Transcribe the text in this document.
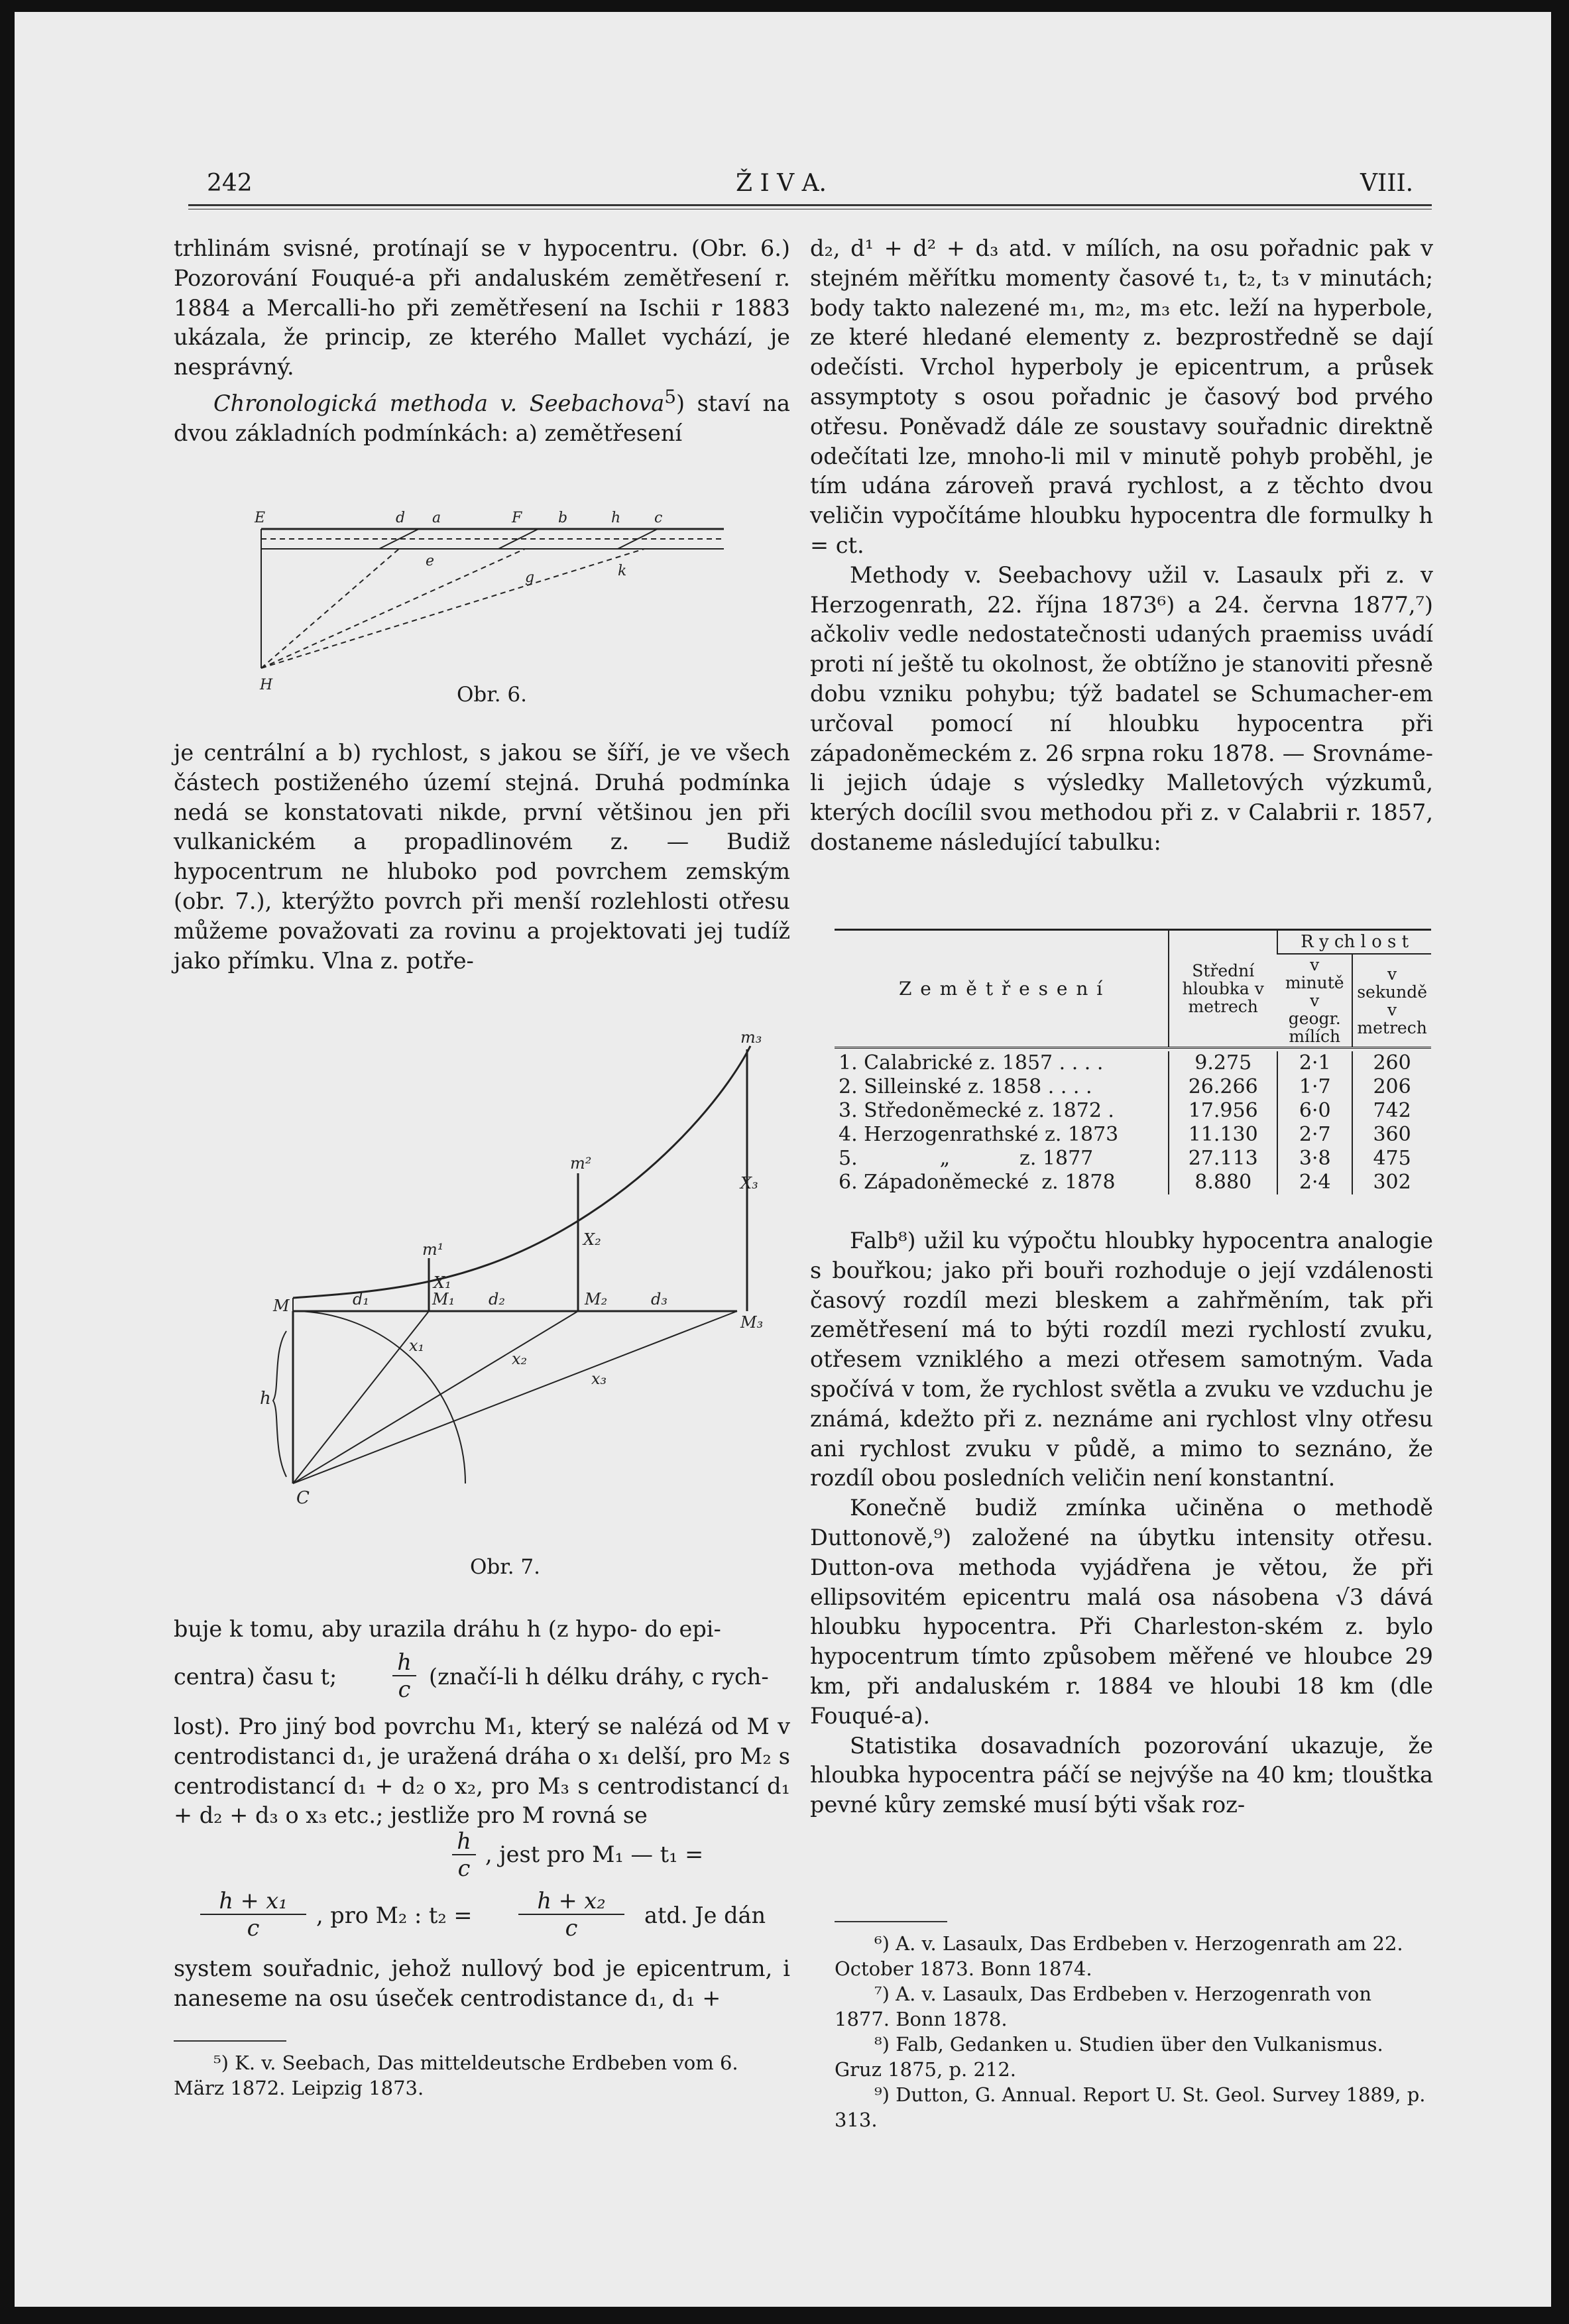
242	Ž I V A.	VIII.

trhlinám svisné, protínají se v hypocentru. (Obr. 6.) Pozorování Fouqué-a při andaluském zemětřesení r. 1884 a Mercalli-ho při zemětřesení na Ischii r 1883 ukázala, že princip, ze kterého Mallet vychází, je nesprávný.

Chronologická methoda v. Seebachova$^5$) staví na dvou základních podmínkách: a) zemětřesení

E	d a	F b	h c
e
g	k
H	Obr. 6.

je centrální a b) rychlost, s jakou se šíří, je ve všech částech postiženého území stejná. Druhá podmínka nedá se konstatovati nikde, první většinou jen při vulkanickém a propadlinovém z. — Budiž hypocentrum ne hluboko pod povrchem zemským (obr. 7.), kterýžto povrch při menší rozlehlosti otřesu můžeme považovati za rovinu a projektovati jej tudíž jako přímku. Vlna z. potře-

M	d₁	M₁ d₂	M₂	d₃
M₃
m¹
m²
m₃
x₁
x₂
x₃
X₁
X₂
X₃
h
C
Obr. 7.

buje k tomu, aby urazila dráhu h (z hypo- do epi-

centra) času t;	$\frac{h}{c}$ (značí-li h délku dráhy, c rych-

lost). Pro jiný bod povrchu M₁, který se nalézá od M v centrodistanci d₁, je uražená dráha o x₁ delší, pro M₂ s centrodistancí d₁ + d₂ o x₂, pro M₃ s centrodistancí d₁ + d₂ + d₃ o x₃ etc.; jestliže pro M rovná se

$\frac{h}{c}$ , jest pro M₁ — t₁ =
$\frac{\text{h + x₁}}{c}$ , pro M₂ : $t_2 = \frac{\text{h + x₂}}{c}$ atd. Je dán

system souřadnic, jehož nullový bod je epicentrum, i naneseme na osu úseček centrodistance d₁, d₁ +

⁵) K. v. Seebach, Das mitteldeutsche Erdbeben vom 6. März 1872. Leipzig 1873.

d₂, d¹ + d² + d₃ atd. v mílích, na osu pořadnic pak v stejném měřítku momenty časové t₁, t₂, t₃ v minutách; body takto nalezené m₁, m₂, m₃ etc. leží na hyperbole, ze které hledané elementy z. bezprostředně se dají odečísti. Vrchol hyperboly je epicentrum, a průsek assymptoty s osou pořadnic je časový bod prvého otřesu. Poněvadž dále ze soustavy souřadnic direktně odečítati lze, mnoho-li mil v minutě pohyb proběhl, je tím udána zároveň pravá rychlost, a z těchto dvou veličin vypočítáme hloubku hypocentra dle formulky h = ct.

Methody v. Seebachovy užil v. Lasaulx při z. v Herzogenrath, 22. října 1873⁶) a 24. června 1877,⁷) ačkoliv vedle nedostatečnosti udaných praemiss uvádí proti ní ještě tu okolnost, že obtížno je stanoviti přesně dobu vzniku pohybu; týž badatel se Schumacher-em určoval pomocí ní hloubku hypocentra při západoněmeckém z. 26 srpna roku 1878. — Srovnáme-li jejich údaje s výsledky Malletových výzkumů, kterých docílil svou methodou při z. v Calabrii r. 1857, dostaneme následující tabulku:

Z e m ě t ř e s e n í	Střední hloubka v metrech	R y ch l o s t	
		v minutě v geogr. mílích	v sekundě v metrech

1. Calabrické z. 1857 . . . .	9.275	2·1	260
2. Silleinské z. 1858 . . . .	26.266	1·7	206
3. Středoněmecké z. 1872 .	17.956	6·0	742
4. Herzogenrathské z. 1873	11.130	2·7	360
5.             „           z. 1877	27.113	3·8	475
6. Západoněmecké  z. 1878	8.880	2·4	302

Falb⁸) užil ku výpočtu hloubky hypocentra analogie s bouřkou; jako při bouři rozhoduje o její vzdálenosti časový rozdíl mezi bleskem a zahřměním, tak při zemětřesení má to býti rozdíl mezi rychlostí zvuku, otřesem vzniklého a mezi otřesem samotným. Vada spočívá v tom, že rychlost světla a zvuku ve vzduchu je známá, kdežto při z. neznáme ani rychlost vlny otřesu ani rychlost zvuku v půdě, a mimo to seznáno, že rozdíl obou posledních veličin není konstantní.

Konečně budiž zmínka učiněna o methodě Duttonově,⁹) založené na úbytku intensity otřesu. Dutton-ova methoda vyjádřena je větou, že při ellipsovitém epicentru malá osa násobena √3 dává hloubku hypocentra. Při Charleston-ském z. bylo hypocentrum tímto způsobem měřené ve hloubce 29 km, při andaluském r. 1884 ve hloubi 18 km (dle Fouqué-a).

Statistika dosavadních pozorování ukazuje, že hloubka hypocentra páčí se nejvýše na 40 km; tlouštka pevné kůry zemské musí býti však roz-

⁶) A. v. Lasaulx, Das Erdbeben v. Herzogenrath am 22. October 1873. Bonn 1874.

⁷) A. v. Lasaulx, Das Erdbeben v. Herzogenrath von 1877. Bonn 1878.

⁸) Falb, Gedanken u. Studien über den Vulkanismus. Gruz 1875, p. 212.

⁹) Dutton, G. Annual. Report U. St. Geol. Survey 1889, p. 313.
